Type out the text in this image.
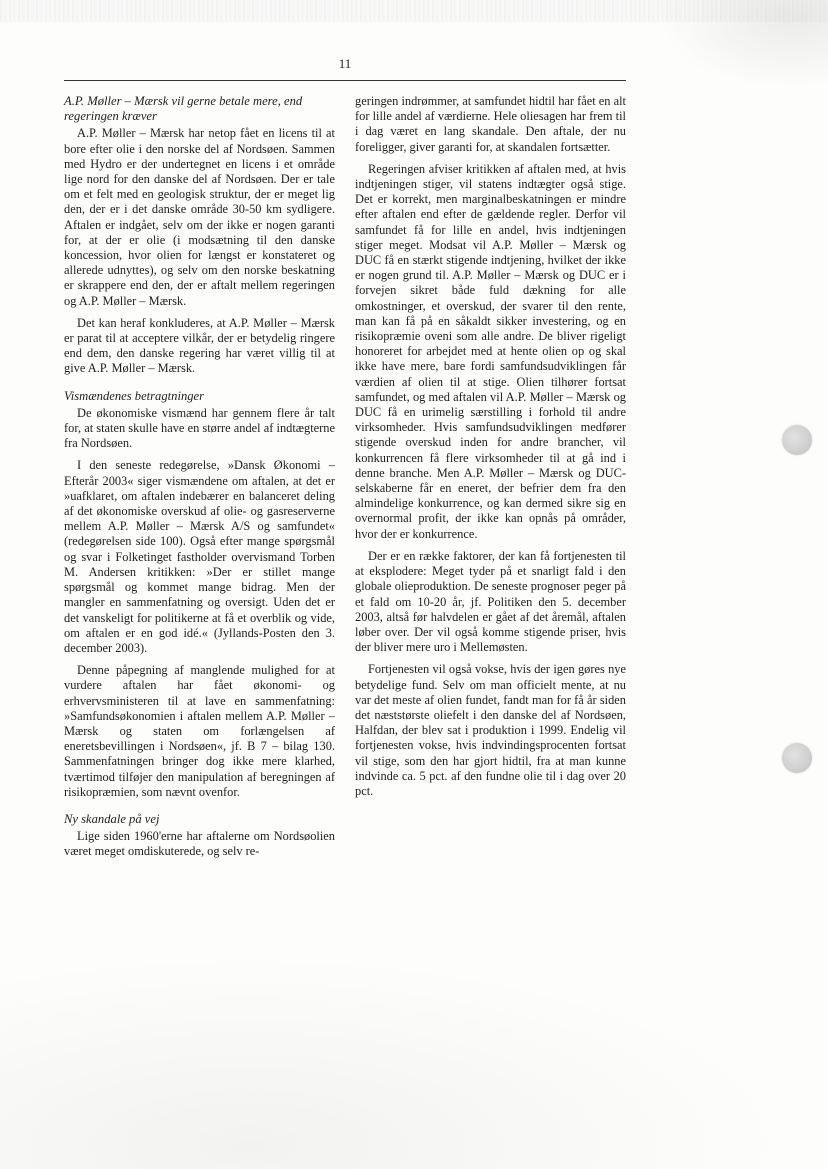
11
A.P. Møller – Mærsk vil gerne betale mere, end regeringen kræver

A.P. Møller – Mærsk har netop fået en licens til at bore efter olie i den norske del af Nordsøen. Sammen med Hydro er der undertegnet en licens i et område lige nord for den danske del af Nordsøen. Der er tale om et felt med en geologisk struktur, der er meget lig den, der er i det danske område 30-50 km sydligere. Aftalen er indgået, selv om der ikke er nogen garanti for, at der er olie (i modsætning til den danske koncession, hvor olien for længst er konstateret og allerede udnyttes), og selv om den norske beskatning er skrappere end den, der er aftalt mellem regeringen og A.P. Møller – Mærsk.

Det kan heraf konkluderes, at A.P. Møller – Mærsk er parat til at acceptere vilkår, der er betydelig ringere end dem, den danske regering har været villig til at give A.P. Møller – Mærsk.

Vismændenes betragtninger

De økonomiske vismænd har gennem flere år talt for, at staten skulle have en større andel af indtægterne fra Nordsøen.

I den seneste redegørelse, »Dansk Økonomi – Efterår 2003« siger vismændene om aftalen, at det er »uafklaret, om aftalen indebærer en balanceret deling af det økonomiske overskud af olie- og gasreserverne mellem A.P. Møller – Mærsk A/S og samfundet« (redegørelsen side 100). Også efter mange spørgsmål og svar i Folketinget fastholder overvismand Torben M. Andersen kritikken: »Der er stillet mange spørgsmål og kommet mange bidrag. Men der mangler en sammenfatning og oversigt. Uden det er det vanskeligt for politikerne at få et overblik og vide, om aftalen er en god idé.« (Jyllands-Posten den 3. december 2003).

Denne påpegning af manglende mulighed for at vurdere aftalen har fået økonomi- og erhvervsministeren til at lave en sammenfatning: »Samfundsøkonomien i aftalen mellem A.P. Møller – Mærsk og staten om forlængelsen af eneretsbevillingen i Nordsøen«, jf. B 7 – bilag 130. Sammenfatningen bringer dog ikke mere klarhed, tværtimod tilføjer den manipulation af beregningen af risikopræmien, som nævnt ovenfor.

Ny skandale på vej

Lige siden 1960'erne har aftalerne om Nordsøolien været meget omdiskuterede, og selv re-

geringen indrømmer, at samfundet hidtil har fået en alt for lille andel af værdierne. Hele oliesagen har frem til i dag været en lang skandale. Den aftale, der nu foreligger, giver garanti for, at skandalen fortsætter.

Regeringen afviser kritikken af aftalen med, at hvis indtjeningen stiger, vil statens indtægter også stige. Det er korrekt, men marginalbeskatningen er mindre efter aftalen end efter de gældende regler. Derfor vil samfundet få for lille en andel, hvis indtjeningen stiger meget. Modsat vil A.P. Møller – Mærsk og DUC få en stærkt stigende indtjening, hvilket der ikke er nogen grund til. A.P. Møller – Mærsk og DUC er i forvejen sikret både fuld dækning for alle omkostninger, et overskud, der svarer til den rente, man kan få på en såkaldt sikker investering, og en risikopræmie oveni som alle andre. De bliver rigeligt honoreret for arbejdet med at hente olien op og skal ikke have mere, bare fordi samfundsudviklingen får værdien af olien til at stige. Olien tilhører fortsat samfundet, og med aftalen vil A.P. Møller – Mærsk og DUC få en urimelig særstilling i forhold til andre virksomheder. Hvis samfundsudviklingen medfører stigende overskud inden for andre brancher, vil konkurrencen få flere virksomheder til at gå ind i denne branche. Men A.P. Møller – Mærsk og DUC-selskaberne får en eneret, der befrier dem fra den almindelige konkurrence, og kan dermed sikre sig en overnormal profit, der ikke kan opnås på områder, hvor der er konkurrence.

Der er en række faktorer, der kan få fortjenesten til at eksplodere: Meget tyder på et snarligt fald i den globale olieproduktion. De seneste prognoser peger på et fald om 10-20 år, jf. Politiken den 5. december 2003, altså før halvdelen er gået af det åremål, aftalen løber over. Der vil også komme stigende priser, hvis der bliver mere uro i Mellemøsten.

Fortjenesten vil også vokse, hvis der igen gøres nye betydelige fund. Selv om man officielt mente, at nu var det meste af olien fundet, fandt man for få år siden det næststørste oliefelt i den danske del af Nordsøen, Halfdan, der blev sat i produktion i 1999. Endelig vil fortjenesten vokse, hvis indvindingsprocenten fortsat vil stige, som den har gjort hidtil, fra at man kunne indvinde ca. 5 pct. af den fundne olie til i dag over 20 pct.
